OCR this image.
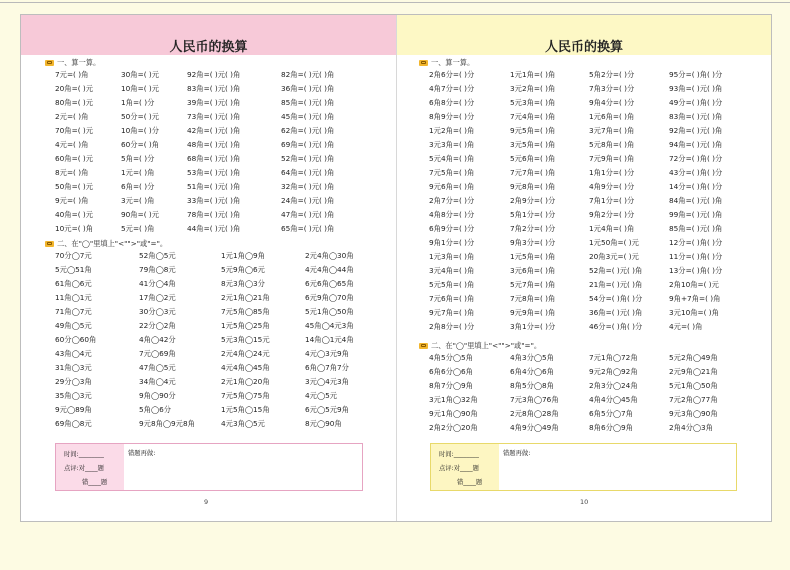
人民币的换算
一、算一算。
7元=( )角	30角=( )元	92角=( )元( )角	82角=( )元( )角
20角=( )元	10角=( )元	83角=( )元( )角	36角=( )元( )角
80角=( )元	1角=( )分	39角=( )元( )角	85角=( )元( )角
2元=( )角	50分=( )元	73角=( )元( )角	45角=( )元( )角
70角=( )元	10角=( )分	42角=( )元( )角	62角=( )元( )角
4元=( )角	60分=( )角	48角=( )元( )角	69角=( )元( )角
60角=( )元	5角=( )分	68角=( )元( )角	52角=( )元( )角
8元=( )角	1元=( )角	53角=( )元( )角	64角=( )元( )角
50角=( )元	6角=( )分	51角=( )元( )角	32角=( )元( )角
9元=( )角	3元=( )角	33角=( )元( )角	24角=( )元( )角
40角=( )元	90角=( )元	78角=( )元( )角	47角=( )元( )角
10元=( )角	5元=( )角	44角=( )元( )角	65角=( )元( )角
二、在"◯"里填上"<"">"或"="。
70分◯7元	52角◯5元	1元1角◯9角	2元4角◯30角
5元◯51角	79角◯8元	5元9角◯6元	4元4角◯44角
61角◯6元	41分◯4角	8元3角◯3分	6元6角◯65角
11角◯1元	17角◯2元	2元1角◯21角	6元9角◯70角
71角◯7元	30分◯3元	7元5角◯85角	5元1角◯50角
49角◯5元	22分◯2角	1元5角◯25角	45角◯4元3角
60分◯60角	4角◯42分	5元3角◯15元	14角◯1元4角
43角◯4元	7元◯69角	2元4角◯24元	4元◯3元9角
31角◯3元	47角◯5元	4元4角◯45角	6角◯7角7分
29分◯3角	34角◯4元	2元1角◯20角	3元◯4元3角
35角◯3元	9角◯90分	7元5角◯75角	4元◯5元
9元◯89角	5角◯6分	1元5角◯15角	6元◯5元9角
69角◯8元	9元8角◯9元8角	4元3角◯5元	8元◯90角
时间:________
点评:对____题
错____题
错题再做:
9
人民币的换算
一、算一算。
2角6分=( )分	1元1角=( )角	5角2分=( )分	95分=( )角( )分
4角7分=( )分	3元2角=( )角	7角3分=( )分	93角=( )元( )角
6角8分=( )分	5元3角=( )角	9角4分=( )分	49分=( )角( )分
8角9分=( )分	7元4角=( )角	1元6角=( )角	83角=( )元( )角
1元2角=( )角	9元5角=( )角	3元7角=( )角	92角=( )元( )角
3元3角=( )角	3元5角=( )角	5元8角=( )角	94角=( )元( )角
5元4角=( )角	5元6角=( )角	7元9角=( )角	72分=( )角( )分
7元5角=( )角	7元7角=( )角	1角1分=( )分	43分=( )角( )分
9元6角=( )角	9元8角=( )角	4角9分=( )分	14分=( )角( )分
2角7分=( )分	2角9分=( )分	7角1分=( )分	84角=( )元( )角
4角8分=( )分	5角1分=( )分	9角2分=( )分	99角=( )元( )角
6角9分=( )分	7角2分=( )分	1元4角=( )角	85角=( )元( )角
9角1分=( )分	9角3分=( )分	1元50角=( )元	12分=( )角( )分
1元3角=( )角	1元5角=( )角	20角3元=( )元	11分=( )角( )分
3元4角=( )角	3元6角=( )角	52角=( )元( )角	13分=( )角( )分
5元5角=( )角	5元7角=( )角	21角=( )元( )角	2角10角=( )元
7元6角=( )角	7元8角=( )角	54分=( )角( )分	9角+7角=( )角
9元7角=( )角	9元9角=( )角	36角=( )元( )角	3元10角=( )角
2角8分=( )分	3角1分=( )分	46分=( )角( )分	4元=( )角
二、在"◯"里填上"<"">"或"="。
4角5分◯5角	4角3分◯5角	7元1角◯72角	5元2角◯49角
6角6分◯6角	6角4分◯6角	9元2角◯92角	2元9角◯21角
8角7分◯9角	8角5分◯8角	2角3分◯24角	5元1角◯50角
3元1角◯32角	7元3角◯76角	4角4分◯45角	7元2角◯77角
9元1角◯90角	2元8角◯28角	6角5分◯7角	9元3角◯90角
2角2分◯20角	4角9分◯49角	8角6分◯9角	2角4分◯3角
时间:________
点评:对____题
错____题
错题再做:
10
